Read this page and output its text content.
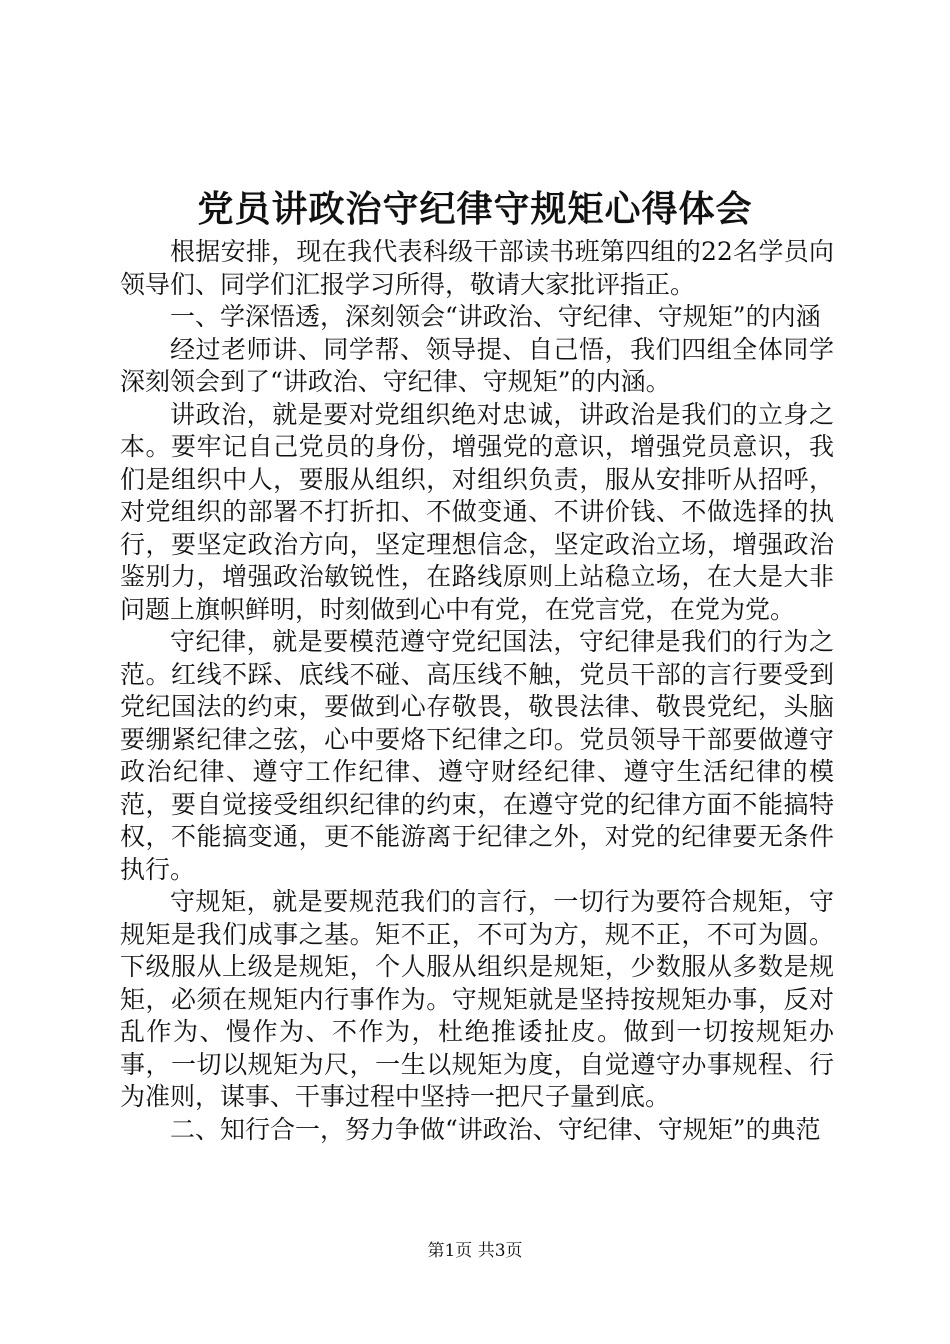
党员讲政治守纪律守规矩心得体会

根据安排，现在我代表科级干部读书班第四组的22名学员向领导们、同学们汇报学习所得，敬请大家批评指正。

一、学深悟透，深刻领会“讲政治、守纪律、守规矩”的内涵

经过老师讲、同学帮、领导提、自己悟，我们四组全体同学深刻领会到了“讲政治、守纪律、守规矩”的内涵。

讲政治，就是要对党组织绝对忠诚，讲政治是我们的立身之本。要牢记自己党员的身份，增强党的意识，增强党员意识，我们是组织中人，要服从组织，对组织负责，服从安排听从招呼，对党组织的部署不打折扣、不做变通、不讲价钱、不做选择的执行，要坚定政治方向，坚定理想信念，坚定政治立场，增强政治鉴别力，增强政治敏锐性，在路线原则上站稳立场，在大是大非问题上旗帜鲜明，时刻做到心中有党，在党言党，在党为党。

守纪律，就是要模范遵守党纪国法，守纪律是我们的行为之范。红线不踩、底线不碰、高压线不触，党员干部的言行要受到党纪国法的约束，要做到心存敬畏，敬畏法律、敬畏党纪，头脑要绷紧纪律之弦，心中要烙下纪律之印。党员领导干部要做遵守政治纪律、遵守工作纪律、遵守财经纪律、遵守生活纪律的模范，要自觉接受组织纪律的约束，在遵守党的纪律方面不能搞特权，不能搞变通，更不能游离于纪律之外，对党的纪律要无条件执行。

守规矩，就是要规范我们的言行，一切行为要符合规矩，守规矩是我们成事之基。矩不正，不可为方，规不正，不可为圆。下级服从上级是规矩，个人服从组织是规矩，少数服从多数是规矩，必须在规矩内行事作为。守规矩就是坚持按规矩办事，反对乱作为、慢作为、不作为，杜绝推诿扯皮。做到一切按规矩办事，一切以规矩为尺，一生以规矩为度，自觉遵守办事规程、行为准则，谋事、干事过程中坚持一把尺子量到底。

二、知行合一，努力争做“讲政治、守纪律、守规矩”的典范

第1页 共3页
